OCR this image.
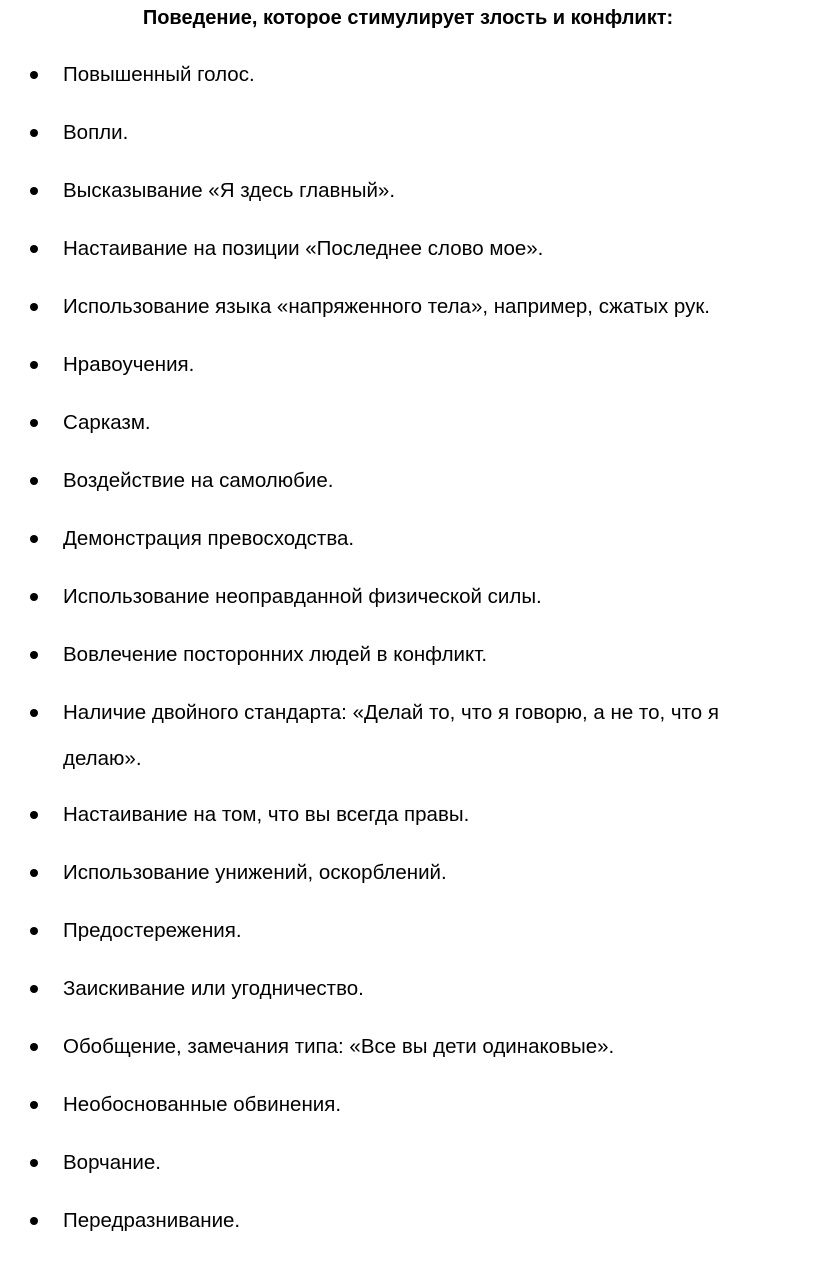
Поведение, которое стимулирует злость и конфликт:
Повышенный голос.
Вопли.
Высказывание «Я здесь главный».
Настаивание на позиции «Последнее слово мое».
Использование языка «напряженного тела», например, сжатых рук.
Нравоучения.
Сарказм.
Воздействие на самолюбие.
Демонстрация превосходства.
Использование неоправданной физической силы.
Вовлечение посторонних людей в конфликт.
Наличие двойного стандарта: «Делай то, что я говорю, а не то, что я делаю».
Настаивание на том, что вы всегда правы.
Использование унижений, оскорблений.
Предостережения.
Заискивание или угодничество.
Обобщение, замечания типа: «Все вы дети одинаковые».
Необоснованные обвинения.
Ворчание.
Передразнивание.
